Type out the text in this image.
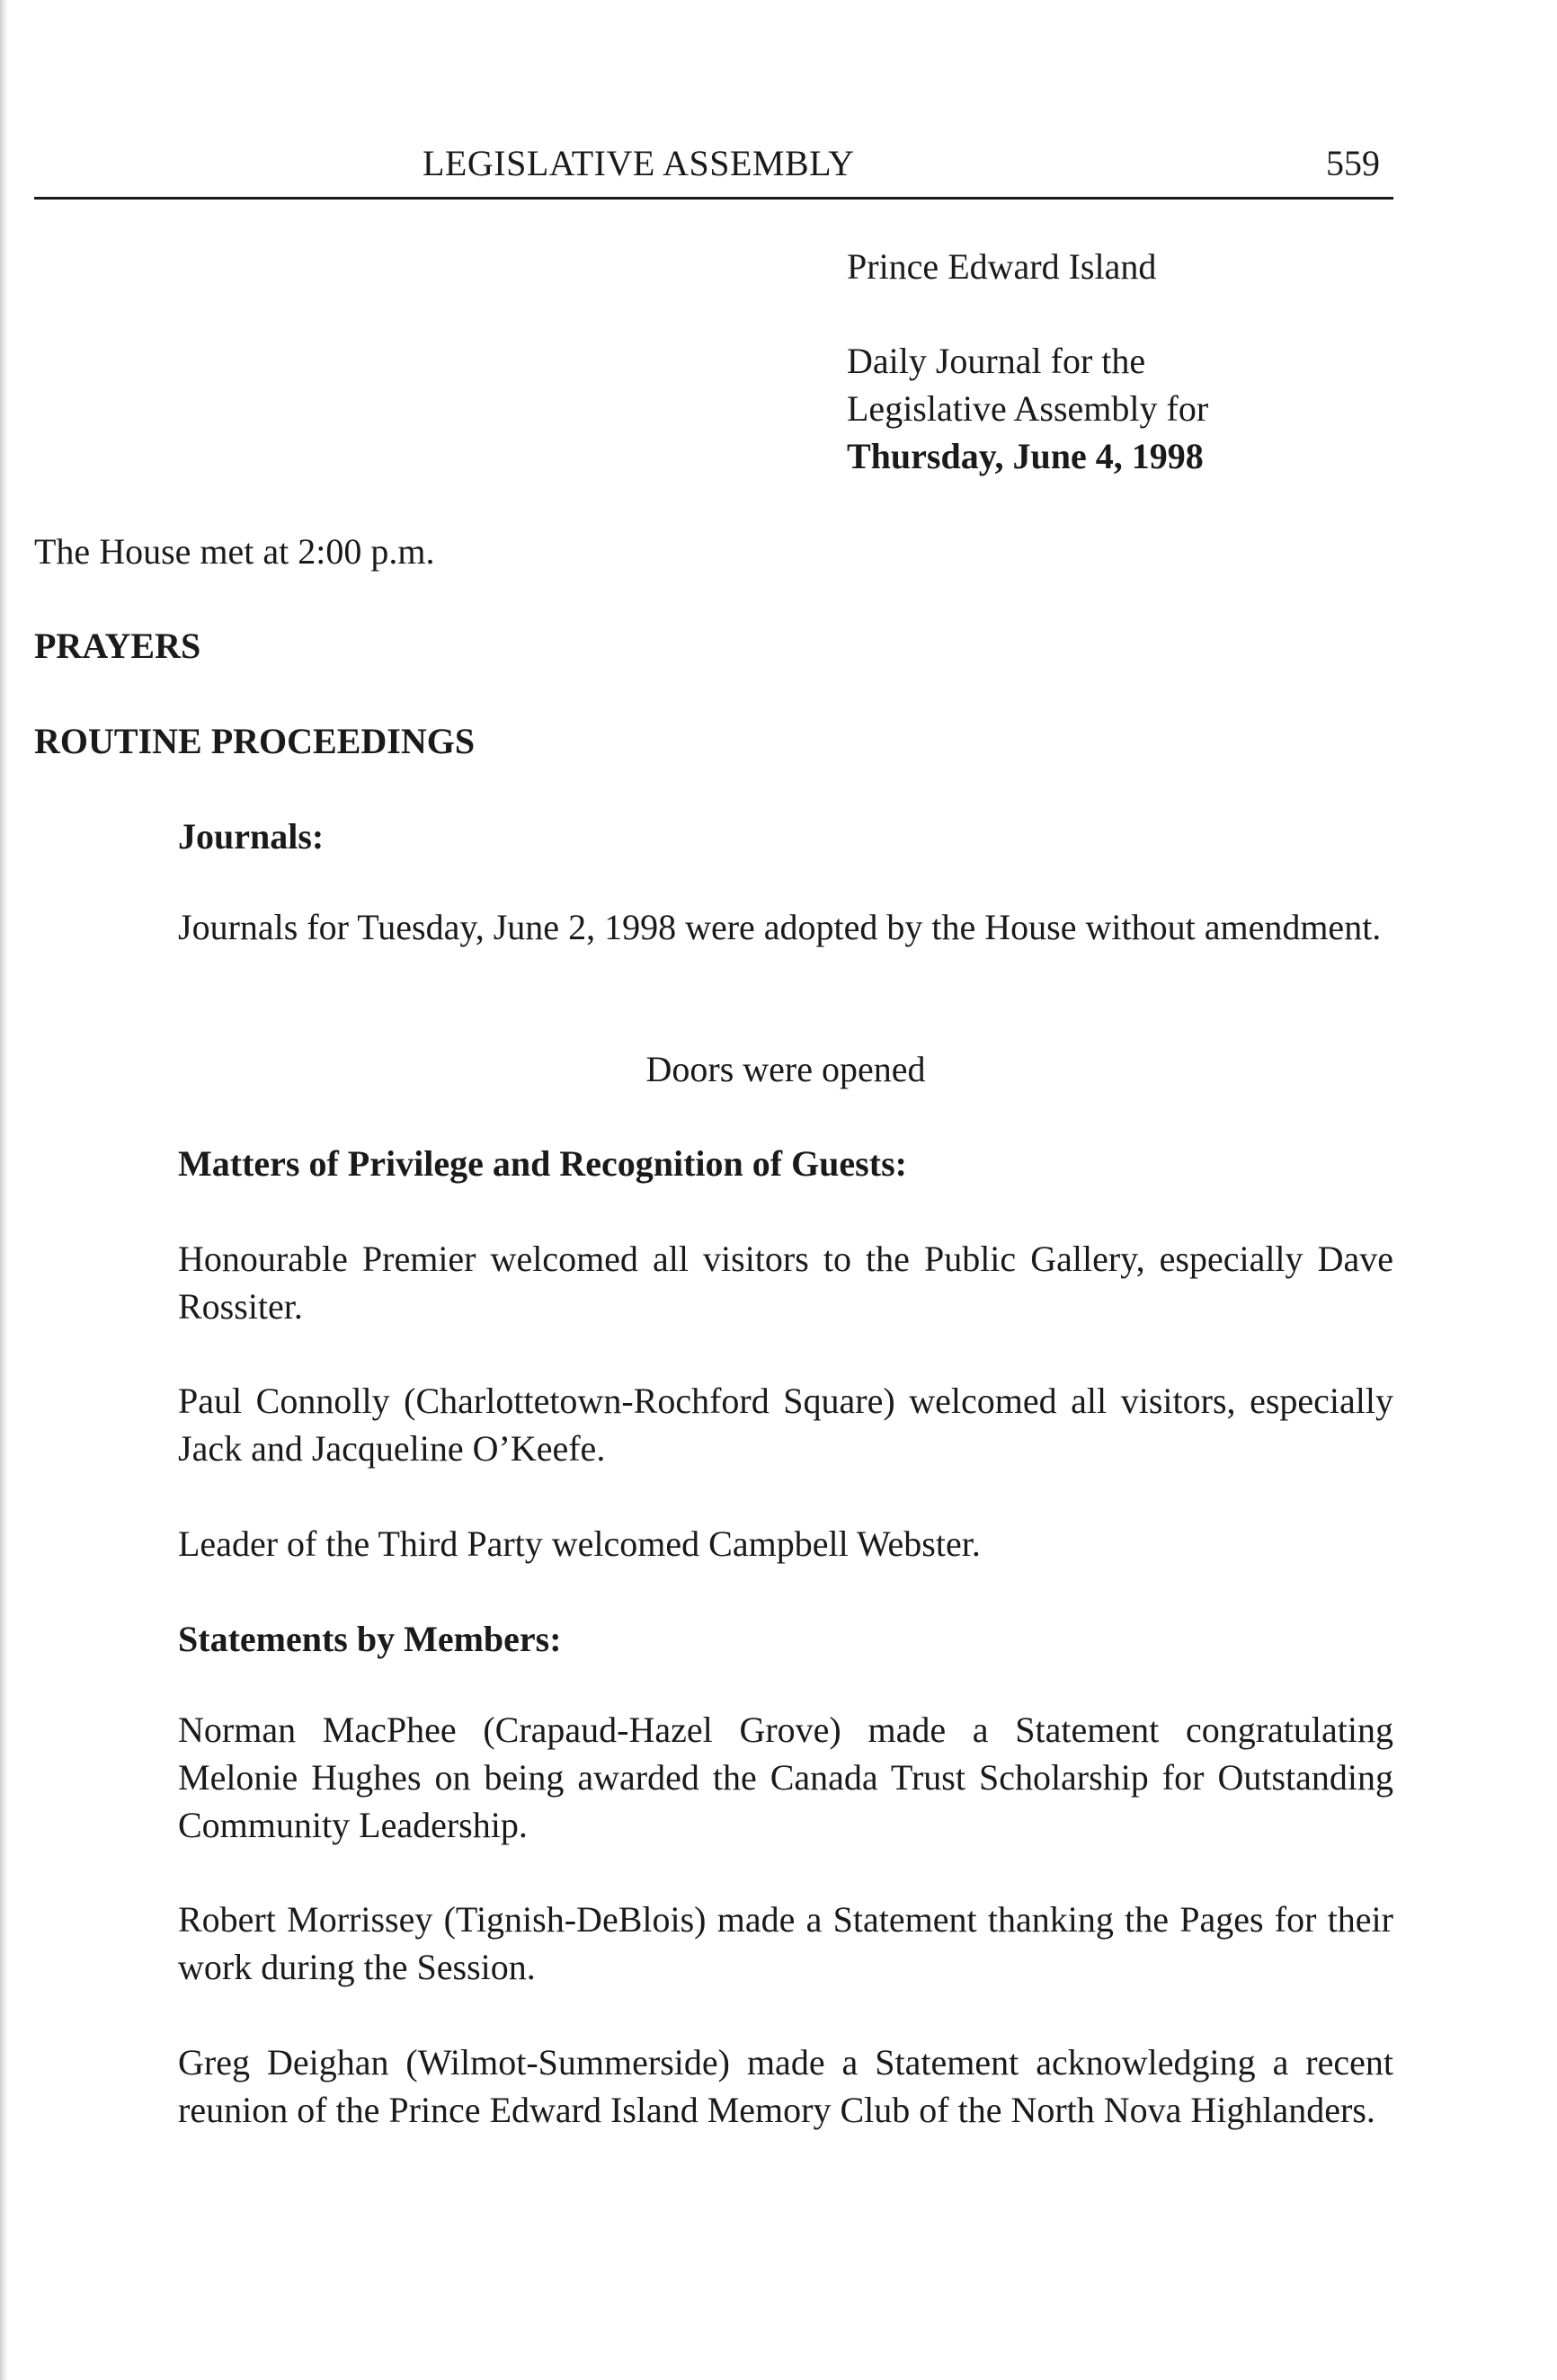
LEGISLATIVE ASSEMBLY	559
Prince Edward Island
Daily Journal for the
Legislative Assembly for
Thursday, June 4, 1998
The House met at 2:00 p.m.
PRAYERS
ROUTINE PROCEEDINGS
Journals:
Journals for Tuesday, June 2, 1998 were adopted by the House without amendment.
Doors were opened
Matters of Privilege and Recognition of Guests:
Honourable Premier welcomed all visitors to the Public Gallery, especially Dave Rossiter.
Paul Connolly (Charlottetown-Rochford Square) welcomed all visitors, especially Jack and Jacqueline O’Keefe.
Leader of the Third Party welcomed Campbell Webster.
Statements by Members:
Norman MacPhee (Crapaud-Hazel Grove) made a Statement congratulating Melonie Hughes on being awarded the Canada Trust Scholarship for Outstanding Community Leadership.
Robert Morrissey (Tignish-DeBlois) made a Statement thanking the Pages for their work during the Session.
Greg Deighan (Wilmot-Summerside) made a Statement acknowledging a recent reunion of the Prince Edward Island Memory Club of the North Nova Highlanders.
